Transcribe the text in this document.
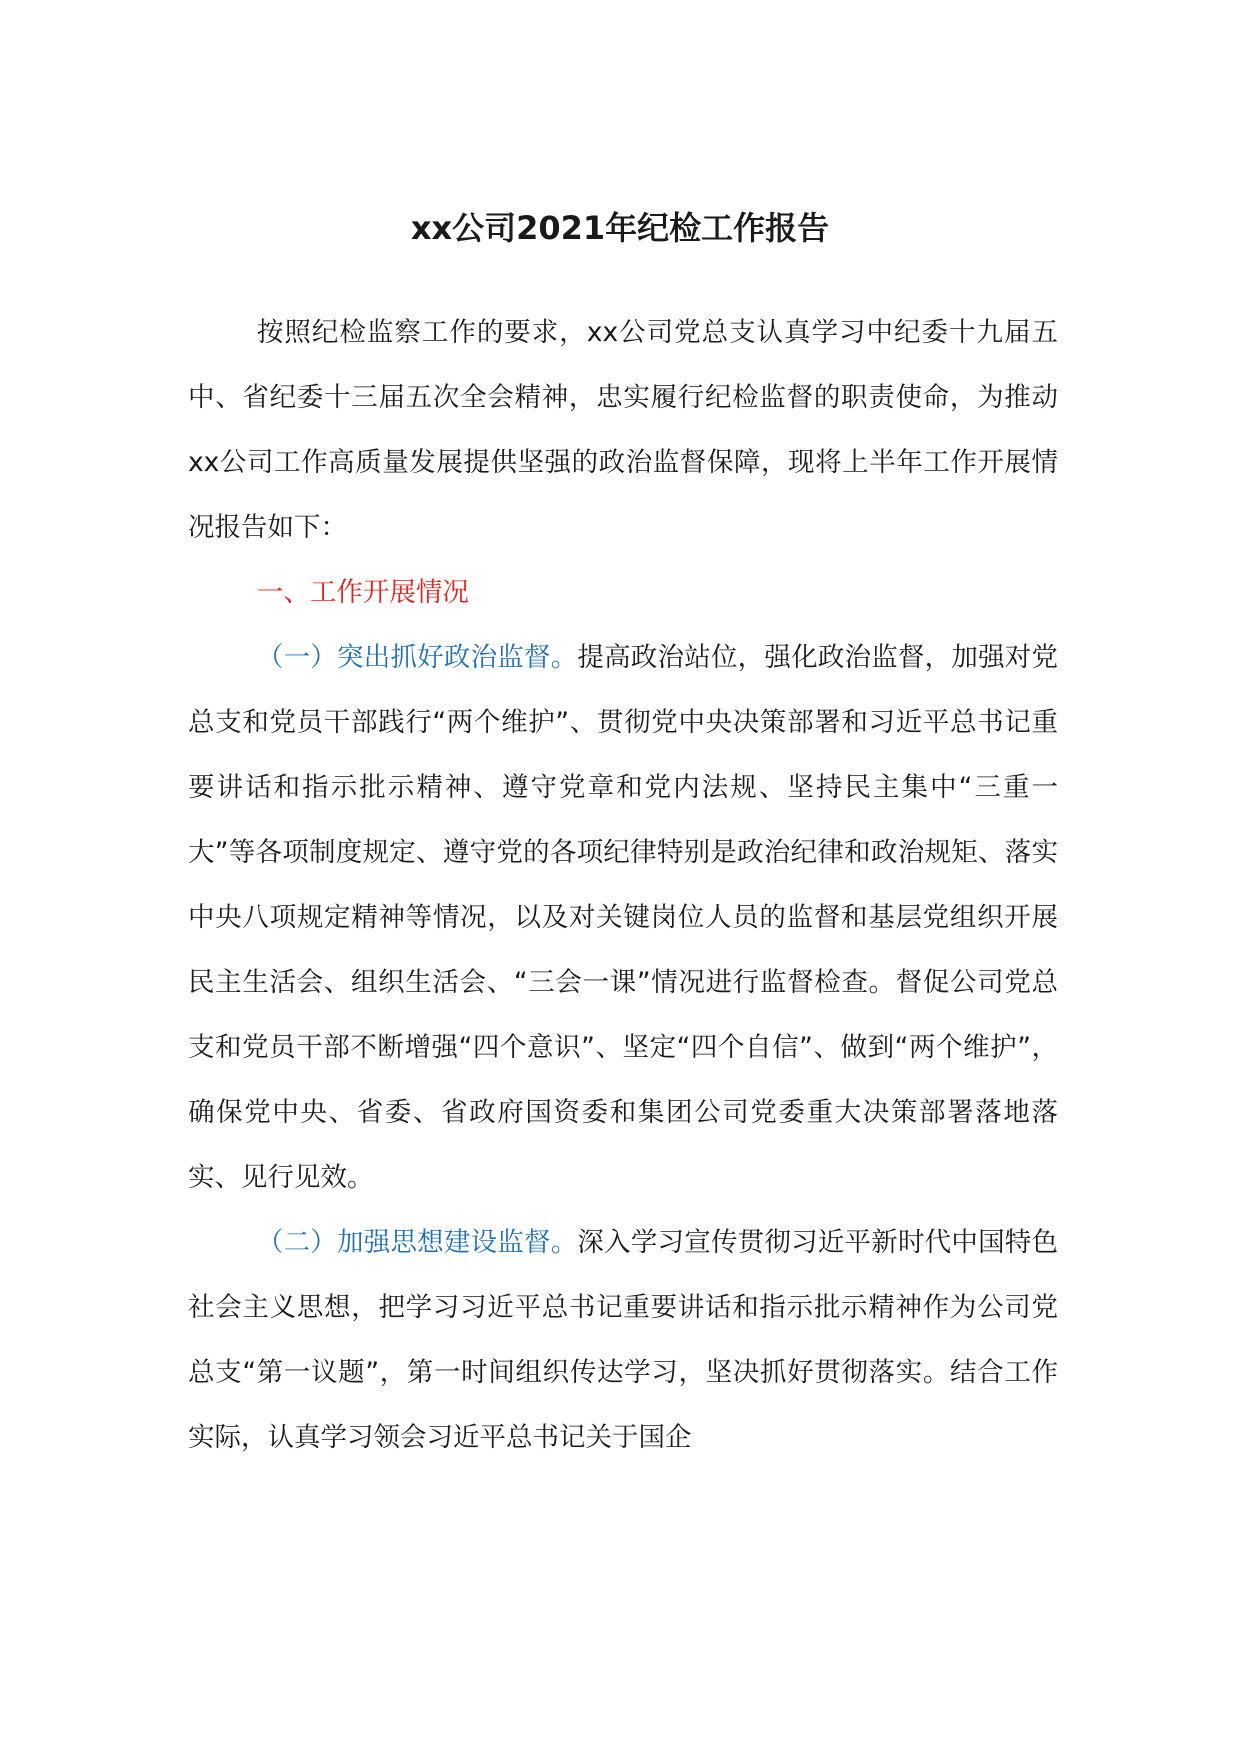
xx公司2021年纪检工作报告

按照纪检监察工作的要求，xx公司党总支认真学习中纪委十九届五中、省纪委十三届五次全会精神，忠实履行纪检监督的职责使命，为推动xx公司工作高质量发展提供坚强的政治监督保障，现将上半年工作开展情况报告如下：

一、工作开展情况

（一）突出抓好政治监督。提高政治站位，强化政治监督，加强对党总支和党员干部践行“两个维护”、贯彻党中央决策部署和习近平总书记重要讲话和指示批示精神、遵守党章和党内法规、坚持民主集中“三重一大”等各项制度规定、遵守党的各项纪律特别是政治纪律和政治规矩、落实中央八项规定精神等情况，以及对关键岗位人员的监督和基层党组织开展民主生活会、组织生活会、“三会一课”情况进行监督检查。督促公司党总支和党员干部不断增强“四个意识”、坚定“四个自信”、做到“两个维护”，确保党中央、省委、省政府国资委和集团公司党委重大决策部署落地落实、见行见效。

（二）加强思想建设监督。深入学习宣传贯彻习近平新时代中国特色社会主义思想，把学习习近平总书记重要讲话和指示批示精神作为公司党总支“第一议题”，第一时间组织传达学习，坚决抓好贯彻落实。结合工作实际，认真学习领会习近平总书记关于国企
